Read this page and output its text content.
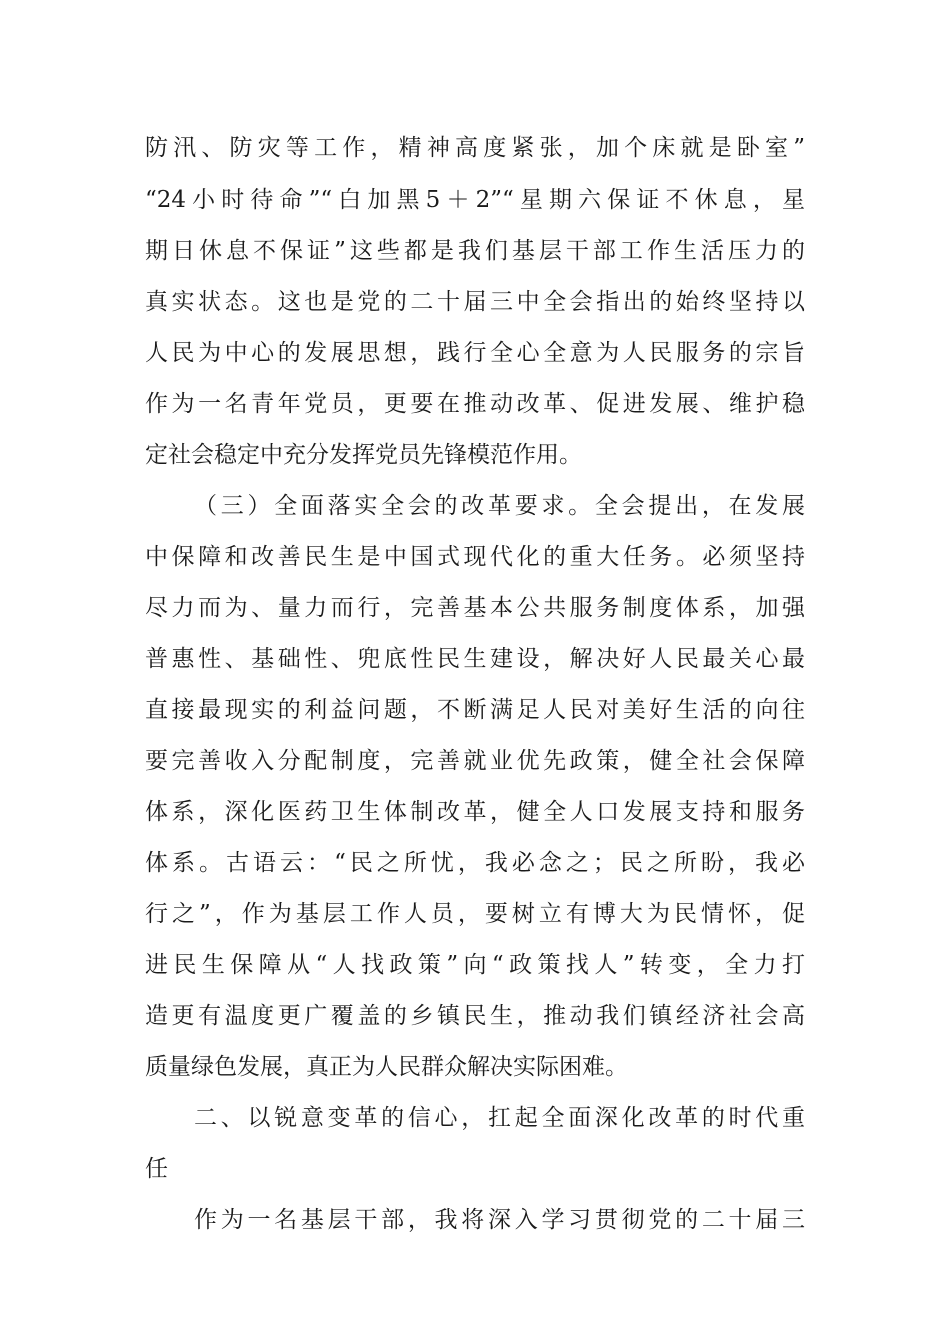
防汛、防灾等工作，精神高度紧张，加个床就是卧室”
“24小时待命”“白加黑5＋2”“星期六保证不休息，星
期日休息不保证”这些都是我们基层干部工作生活压力的
真实状态。这也是党的二十届三中全会指出的始终坚持以
人民为中心的发展思想，践行全心全意为人民服务的宗旨
作为一名青年党员，更要在推动改革、促进发展、维护稳
定社会稳定中充分发挥党员先锋模范作用。
（三）全面落实全会的改革要求。全会提出，在发展
中保障和改善民生是中国式现代化的重大任务。必须坚持
尽力而为、量力而行，完善基本公共服务制度体系，加强
普惠性、基础性、兜底性民生建设，解决好人民最关心最
直接最现实的利益问题，不断满足人民对美好生活的向往
要完善收入分配制度，完善就业优先政策，健全社会保障
体系，深化医药卫生体制改革，健全人口发展支持和服务
体系。古语云：“民之所忧，我必念之；民之所盼，我必
行之”，作为基层工作人员，要树立有博大为民情怀，促
进民生保障从“人找政策”向“政策找人”转变，全力打
造更有温度更广覆盖的乡镇民生，推动我们镇经济社会高
质量绿色发展，真正为人民群众解决实际困难。
二、以锐意变革的信心，扛起全面深化改革的时代重
任
作为一名基层干部，我将深入学习贯彻党的二十届三
